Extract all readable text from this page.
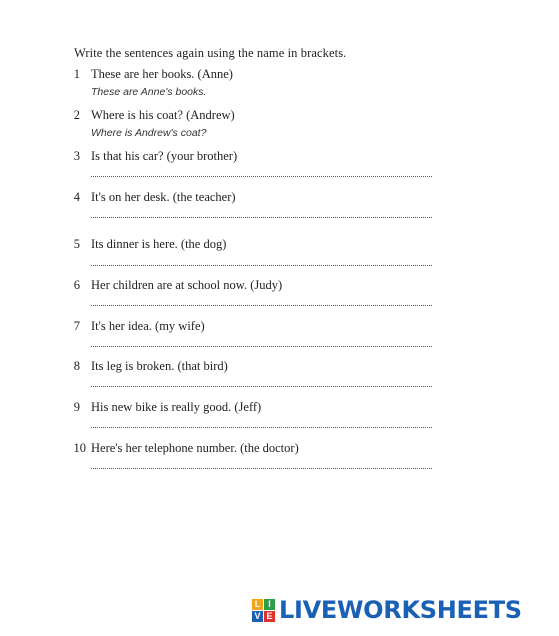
Write the sentences again using the name in brackets.
1 These are her books. (Anne)
These are Anne's books.
2 Where is his coat? (Andrew)
Where is Andrew's coat?
3 Is that his car? (your brother)
4 It's on her desk. (the teacher)
5 Its dinner is here. (the dog)
6 Her children are at school now. (Judy)
7 It's her idea. (my wife)
8 Its leg is broken. (that bird)
9 His new bike is really good. (Jeff)
10 Here's her telephone number. (the doctor)
L I
V E LIVEWORKSHEETS
